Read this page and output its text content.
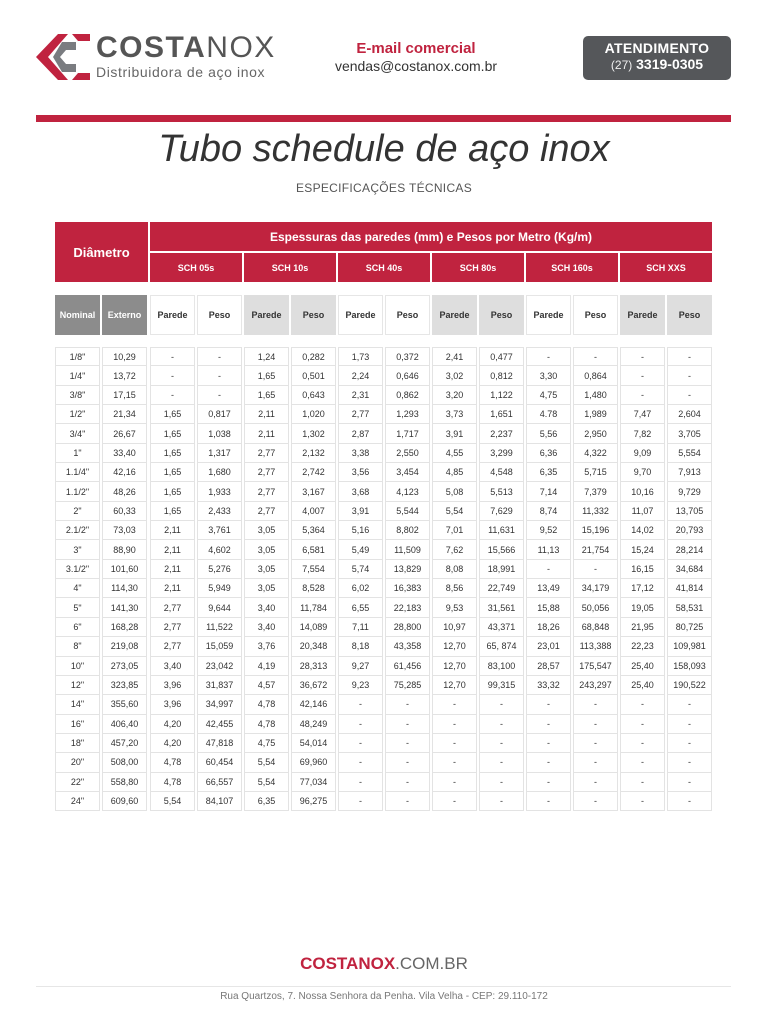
COSTANOX
Distribuidora de aço inox
E-mail comercial
vendas@costanox.com.br
ATENDIMENTO
(27) 3319-0305
Tubo schedule de aço inox
ESPECIFICAÇÕES TÉCNICAS
Diâmetro
Espessuras das paredes (mm) e Pesos por Metro (Kg/m)
SCH 05s	SCH 10s	SCH 40s	SCH 80s	SCH 160s	SCH XXS
Nominal	Externo	Parede	Peso	Parede	Peso	Parede	Peso	Parede	Peso	Parede	Peso	Parede	Peso
1/8"	10,29	-	-	1,24	0,282	1,73	0,372	2,41	0,477	-	-	-	-
1/4"	13,72	-	-	1,65	0,501	2,24	0,646	3,02	0,812	3,30	0,864	-	-
3/8"	17,15	-	-	1,65	0,643	2,31	0,862	3,20	1,122	4,75	1,480	-	-
1/2"	21,34	1,65	0,817	2,11	1,020	2,77	1,293	3,73	1,651	4.78	1,989	7,47	2,604
3/4"	26,67	1,65	1,038	2,11	1,302	2,87	1,717	3,91	2,237	5,56	2,950	7,82	3,705
1"	33,40	1,65	1,317	2,77	2,132	3,38	2,550	4,55	3,299	6,36	4,322	9,09	5,554
1.1/4"	42,16	1,65	1,680	2,77	2,742	3,56	3,454	4,85	4,548	6,35	5,715	9,70	7,913
1.1/2"	48,26	1,65	1,933	2,77	3,167	3,68	4,123	5,08	5,513	7,14	7,379	10,16	9,729
2"	60,33	1,65	2,433	2,77	4,007	3,91	5,544	5,54	7,629	8,74	11,332	11,07	13,705
2.1/2"	73,03	2,11	3,761	3,05	5,364	5,16	8,802	7,01	11,631	9,52	15,196	14,02	20,793
3"	88,90	2,11	4,602	3,05	6,581	5,49	11,509	7,62	15,566	11,13	21,754	15,24	28,214
3.1/2"	101,60	2,11	5,276	3,05	7,554	5,74	13,829	8,08	18,991	-	-	16,15	34,684
4"	114,30	2,11	5,949	3,05	8,528	6,02	16,383	8,56	22,749	13,49	34,179	17,12	41,814
5"	141,30	2,77	9,644	3,40	11,784	6,55	22,183	9,53	31,561	15,88	50,056	19,05	58,531
6"	168,28	2,77	11,522	3,40	14,089	7,11	28,800	10,97	43,371	18,26	68,848	21,95	80,725
8"	219,08	2,77	15,059	3,76	20,348	8,18	43,358	12,70	65, 874	23,01	113,388	22,23	109,981
10"	273,05	3,40	23,042	4,19	28,313	9,27	61,456	12,70	83,100	28,57	175,547	25,40	158,093
12"	323,85	3,96	31,837	4,57	36,672	9,23	75,285	12,70	99,315	33,32	243,297	25,40	190,522
14"	355,60	3,96	34,997	4,78	42,146	-	-	-	-	-	-	-	-
16"	406,40	4,20	42,455	4,78	48,249	-	-	-	-	-	-	-	-
18"	457,20	4,20	47,818	4,75	54,014	-	-	-	-	-	-	-	-
20"	508,00	4,78	60,454	5,54	69,960	-	-	-	-	-	-	-	-
22"	558,80	4,78	66,557	5,54	77,034	-	-	-	-	-	-	-	-
24"	609,60	5,54	84,107	6,35	96,275	-	-	-	-	-	-	-	-
COSTANOX.COM.BR
Rua Quartzos, 7. Nossa Senhora da Penha. Vila Velha - CEP: 29.110-172
